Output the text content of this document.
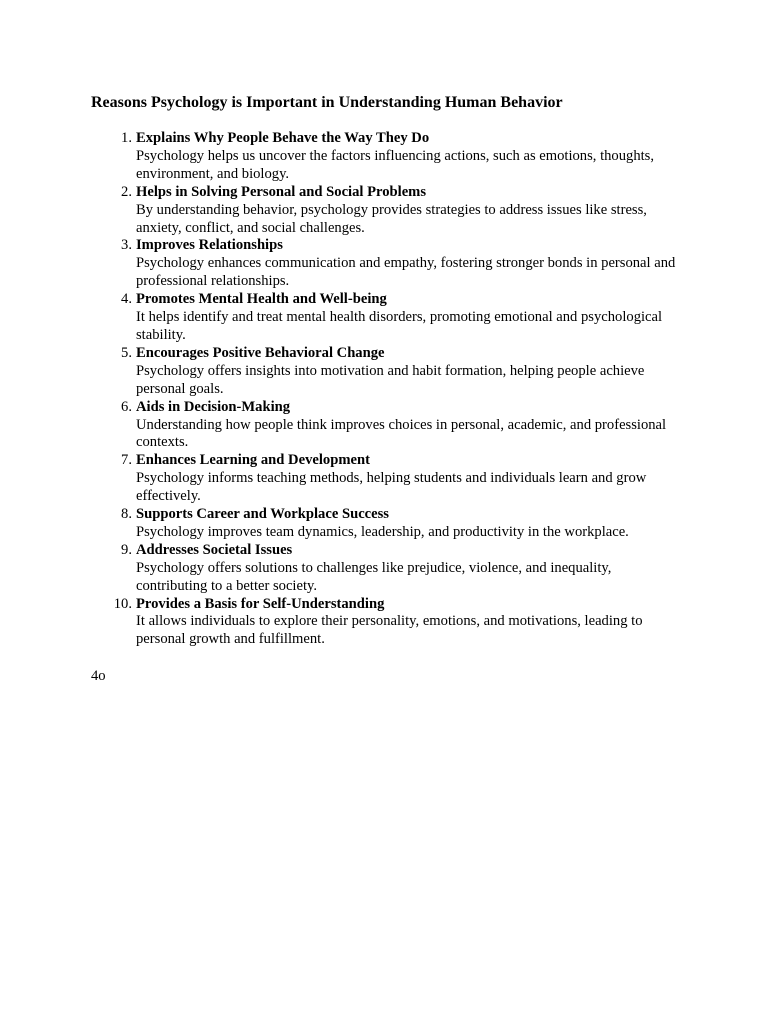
Reasons Psychology is Important in Understanding Human Behavior
1. Explains Why People Behave the Way They Do
Psychology helps us uncover the factors influencing actions, such as emotions, thoughts, environment, and biology.
2. Helps in Solving Personal and Social Problems
By understanding behavior, psychology provides strategies to address issues like stress, anxiety, conflict, and social challenges.
3. Improves Relationships
Psychology enhances communication and empathy, fostering stronger bonds in personal and professional relationships.
4. Promotes Mental Health and Well-being
It helps identify and treat mental health disorders, promoting emotional and psychological stability.
5. Encourages Positive Behavioral Change
Psychology offers insights into motivation and habit formation, helping people achieve personal goals.
6. Aids in Decision-Making
Understanding how people think improves choices in personal, academic, and professional contexts.
7. Enhances Learning and Development
Psychology informs teaching methods, helping students and individuals learn and grow effectively.
8. Supports Career and Workplace Success
Psychology improves team dynamics, leadership, and productivity in the workplace.
9. Addresses Societal Issues
Psychology offers solutions to challenges like prejudice, violence, and inequality, contributing to a better society.
10. Provides a Basis for Self-Understanding
It allows individuals to explore their personality, emotions, and motivations, leading to personal growth and fulfillment.
4o
